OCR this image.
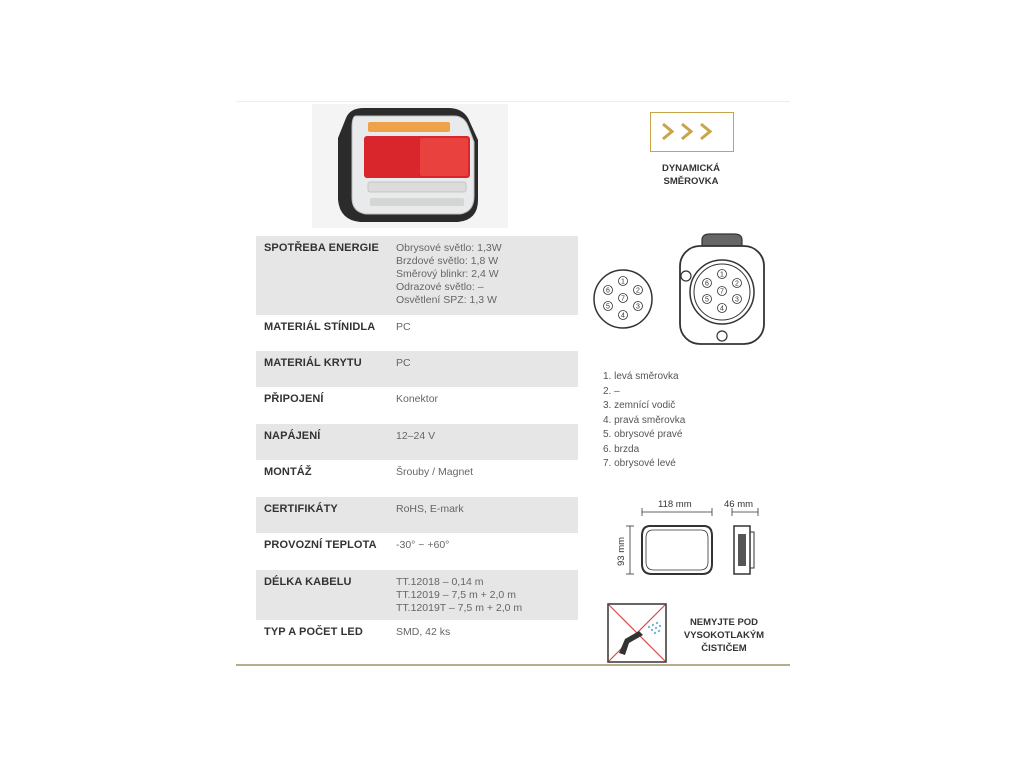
SPOTŘEBA ENERGIE	Obrysové světlo: 1,3W
Brzdové světlo: 1,8 W
Směrový blinkr: 2,4 W
Odrazové světlo: –
Osvětlení SPZ: 1,3 W
MATERIÁL STÍNIDLA	PC
MATERIÁL KRYTU	PC
PŘIPOJENÍ	Konektor
NAPÁJENÍ	12–24 V
MONTÁŽ	Šrouby / Magnet
CERTIFIKÁTY	RoHS, E-mark
PROVOZNÍ TEPLOTA	-30° ~ +60°
DÉLKA KABELU	TT.12018 – 0,14 m
TT.12019 – 7,5 m + 2,0 m
TT.12019T – 7,5 m + 2,0 m
TYP A POČET LED	SMD, 42 ks
DYNAMICKÁ
SMĚROVKA
1
2
3
4
5
6
7
1
2
3
4
5
6
7
1. levá směrovka
2. –
3. zemnící vodič
4. pravá směrovka
5. obrysové pravé
6. brzda
7. obrysové levé
118 mm	46 mm
93 mm
NEMYJTE POD
VYSOKOTLAKÝM
ČISTIČEM
